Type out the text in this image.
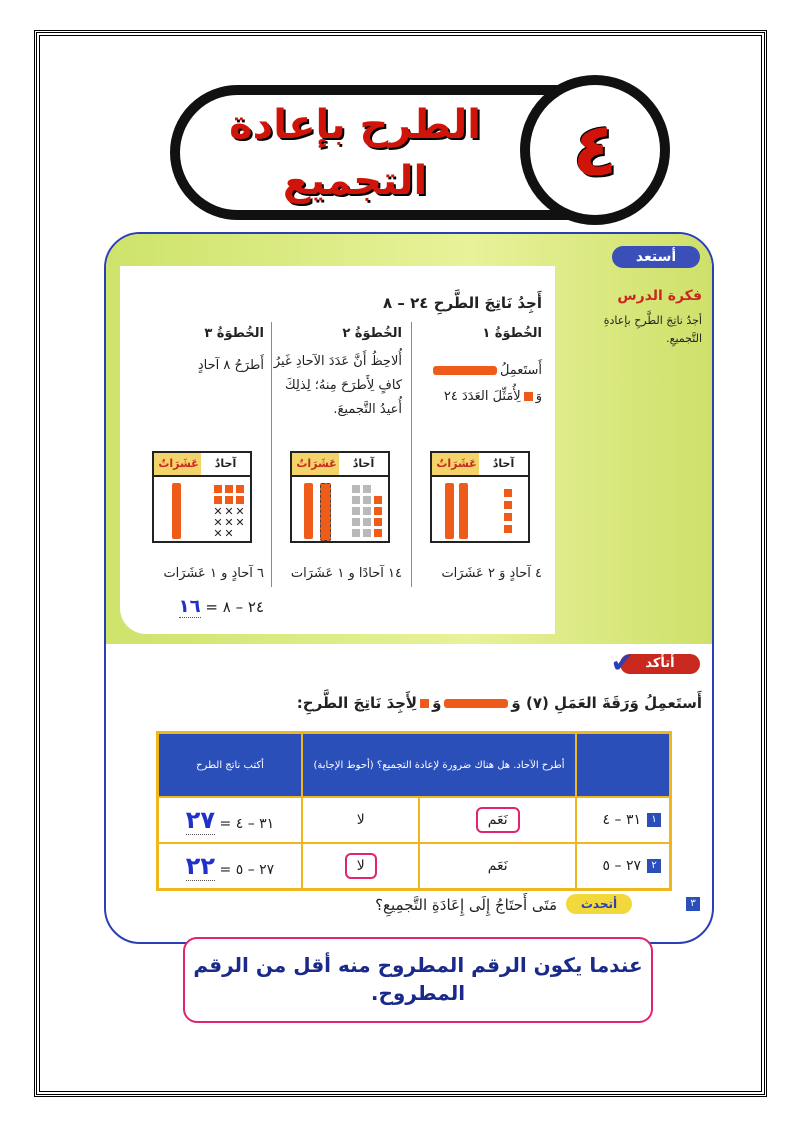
الطرح بإعادة
التجميع	٤
أستعد
فكرة الدرس
أجدُ ناتِجَ الطَّرحِ بإعادةِ التَّجميعِ.
أَجِدُ نَاتِجَ الطَّرحِ ٢٤ – ٨
الخُطوَةُ ١
أَستَعمِلُ
وَلِأُمَثِّلَ العَدَدَ ٢٤
عَشَرَاتٌ	آحادٌ
٤ آحادٍ وَ ٢ عَشَرَات
الخُطوَةُ ٢
أُلاحِظُ أَنَّ عَدَدَ الآحادِ غَيرُ كافٍ لِأَطرَحَ مِنهُ؛ لِذلِكَ أُعيدُ التَّجميعَ.
عَشَرَاتٌ	آحادٌ
١٤ آحادًا و ١ عَشَرَات
الخُطوَةُ ٣
أَطرَحُ ٨ آحادٍ
عَشَرَاتٌ	آحادٌ
✕ ✕ ✕
✕ ✕ ✕
✕ ✕
٦ آحادٍ و ١ عَشَرَات
٢٤ – ٨ = ١٦
أتأكد
✔
أَستَعمِلُ وَرَقَةَ العَمَلِ (٧) وَوَلِأَجِدَ نَاتِجَ الطَّرحِ:
	أطرح الآحاد. هل هناك ضرورة لإعادة التجميع؟ (أحوط الإجابة)		أكتب ناتج الطرح
١٣١ – ٤	نَعَم	لا	٣١ – ٤ = ٢٧
٢٢٧ – ٥	نَعَم	لا	٢٧ – ٥ = ٢٢
٣
أتحدث
مَتَى أَحتَاجُ إِلَى إِعَادَةِ التَّجمِيعِ؟
عندما يكون الرقم المطروح منه أقل من الرقم المطروح.
